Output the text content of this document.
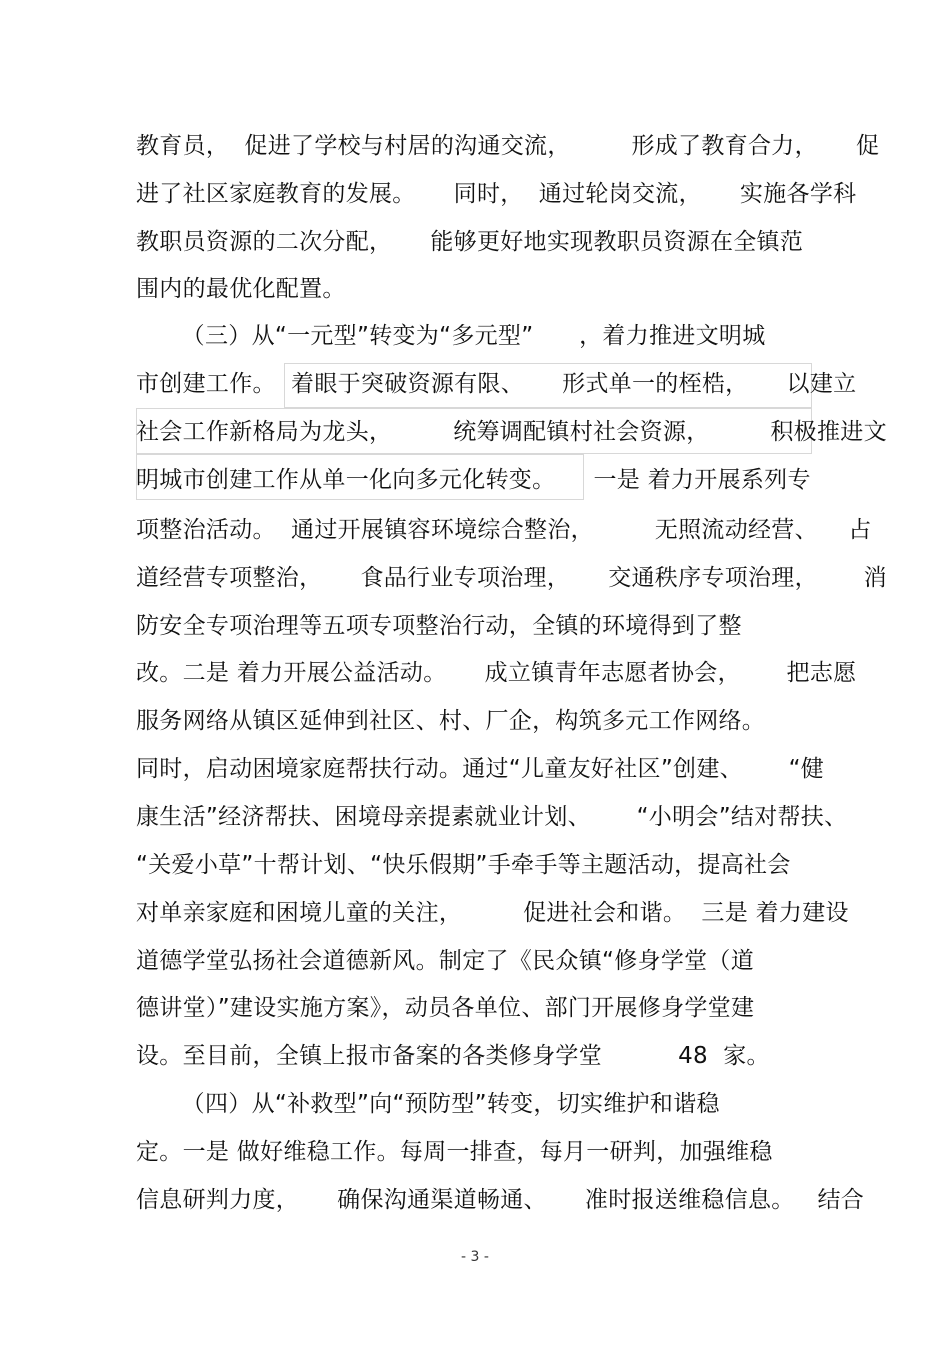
教育员，  促进了学校与村居的沟通交流，        形成了教育合力，     促
进了社区家庭教育的发展。     同时，  通过轮岗交流，     实施各学科
教职员资源的二次分配，     能够更好地实现教职员资源在全镇范
围内的最优化配置。
（三）从“一元型”转变为“多元型”      ，着力推进文明城
市创建工作。  着眼于突破资源有限、     形式单一的桎梏，     以建立
社会工作新格局为龙头，        统筹调配镇村社会资源，        积极推进文
明城市创建工作从单一化向多元化转变。     一是 着力开展系列专
项整治活动。  通过开展镇容环境综合整治，        无照流动经营、    占
道经营专项整治，     食品行业专项治理，     交通秩序专项治理，      消
防安全专项治理等五项专项整治行动，全镇的环境得到了整
改。二是 着力开展公益活动。     成立镇青年志愿者协会，      把志愿
服务网络从镇区延伸到社区、村、厂企，构筑多元工作网络。
同时，启动困境家庭帮扶行动。通过“儿童友好社区”创建、      “健
康生活”经济帮扶、困境母亲提素就业计划、      “小明会”结对帮扶、
“关爱小草”十帮计划、“快乐假期”手牵手等主题活动，提高社会
对单亲家庭和困境儿童的关注，        促进社会和谐。  三是 着力建设
道德学堂弘扬社会道德新风。制定了《民众镇“修身学堂（道
德讲堂）”建设实施方案》，动员各单位、部门开展修身学堂建
设。至目前，全镇上报市备案的各类修身学堂          48  家。
（四）从“补救型”向“预防型”转变，切实维护和谐稳
定。一是 做好维稳工作。每周一排查，每月一研判，加强维稳
信息研判力度，     确保沟通渠道畅通、     准时报送维稳信息。   结合
- 3 -
